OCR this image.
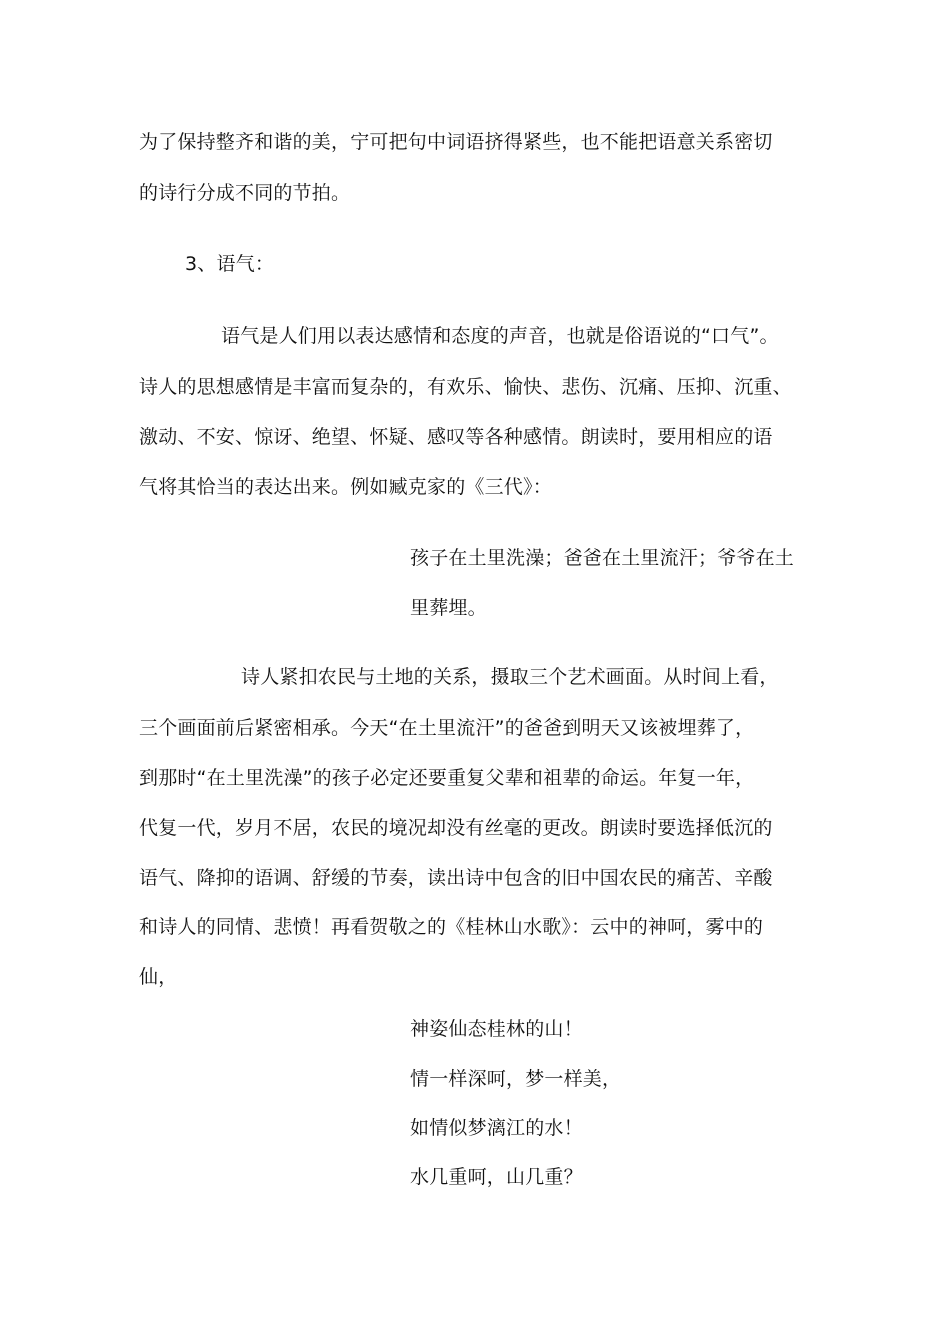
为了保持整齐和谐的美，宁可把句中词语挤得紧些，也不能把语意关系密切
的诗行分成不同的节拍。
3、语气：
语气是人们用以表达感情和态度的声音，也就是俗语说的“口气”。
诗人的思想感情是丰富而复杂的，有欢乐、愉快、悲伤、沉痛、压抑、沉重、
激动、不安、惊讶、绝望、怀疑、感叹等各种感情。朗读时，要用相应的语
气将其恰当的表达出来。例如臧克家的《三代》：
孩子在土里洗澡；爸爸在土里流汗；爷爷在土
里葬埋。
诗人紧扣农民与土地的关系，摄取三个艺术画面。从时间上看，
三个画面前后紧密相承。今天“在土里流汗”的爸爸到明天又该被埋葬了，
到那时“在土里洗澡”的孩子必定还要重复父辈和祖辈的命运。年复一年，
代复一代，岁月不居，农民的境况却没有丝毫的更改。朗读时要选择低沉的
语气、降抑的语调、舒缓的节奏，读出诗中包含的旧中国农民的痛苦、辛酸
和诗人的同情、悲愤！再看贺敬之的《桂林山水歌》：云中的神呵，雾中的
仙，
神姿仙态桂林的山！
情一样深呵，梦一样美，
如情似梦漓江的水！
水几重呵，山几重？
